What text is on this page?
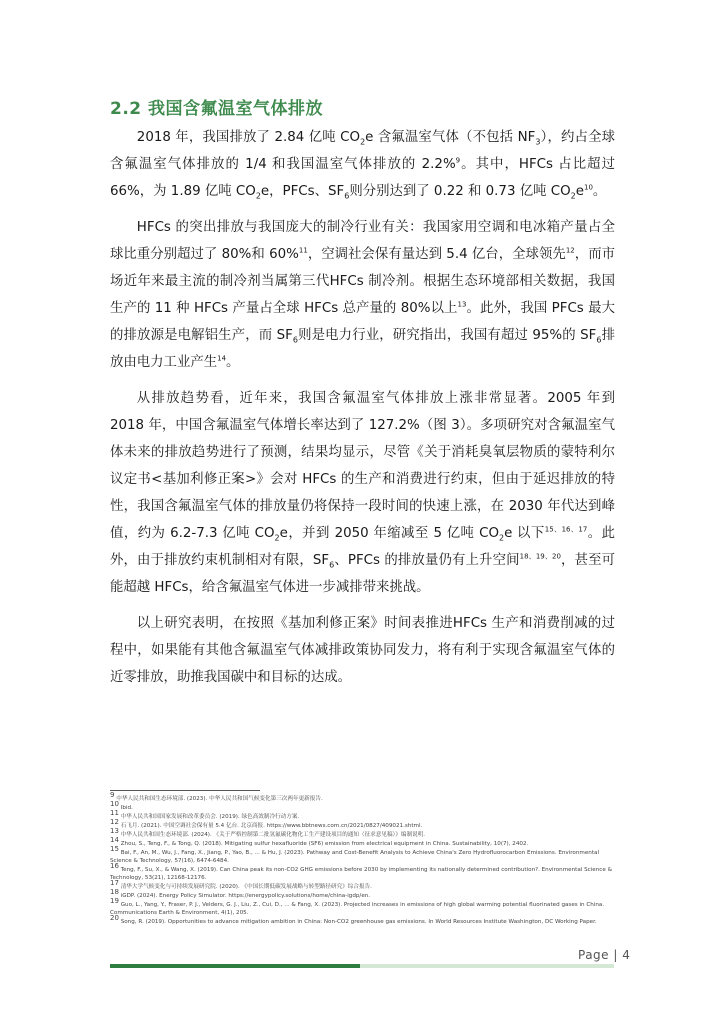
2.2 我国含氟温室气体排放

2018 年，我国排放了 2.84 亿吨 $CO_2e$ 含氟温室气体（不包括 $NF_3$），约占全球含氟温室气体排放的 1/4 和我国温室气体排放的 2.2%$^9$。其中，HFCs 占比超过 66%，为 1.89 亿吨 $CO_2e$，PFCs、$SF_6$则分别达到了 0.22 和 0.73 亿吨 $CO_2e^{10}$。

HFCs 的突出排放与我国庞大的制冷行业有关：我国家用空调和电冰箱产量占全球比重分别超过了 80%和 60%$^{11}$，空调社会保有量达到 5.4 亿台，全球领先$^{12}$，而市场近年来最主流的制冷剂当属第三代HFCs 制冷剂。根据生态环境部相关数据，我国生产的 11 种 HFCs 产量占全球 HFCs 总产量的 80%以上$^{13}$。此外，我国 PFCs 最大的排放源是电解铝生产，而 $SF_6$则是电力行业，研究指出，我国有超过 95%的 $SF_6$排放由电力工业产生$^{14}$。

从排放趋势看，近年来，我国含氟温室气体排放上涨非常显著。2005 年到 2018 年，中国含氟温室气体增长率达到了 127.2%（图 3）。多项研究对含氟温室气体未来的排放趋势进行了预测，结果均显示，尽管《关于消耗臭氧层物质的蒙特利尔议定书<基加利修正案>》会对 HFCs 的生产和消费进行约束，但由于延迟排放的特性，我国含氟温室气体的排放量仍将保持一段时间的快速上涨，在 2030 年代达到峰值，约为 6.2-7.3 亿吨 $CO_2e$，并到 2050 年缩减至 5 亿吨 $CO_2e$ 以下$^{15、16、17}$。此外，由于排放约束机制相对有限，$SF_6$、PFCs 的排放量仍有上升空间$^{18、19、20}$，甚至可能超越 HFCs，给含氟温室气体进一步减排带来挑战。

以上研究表明，在按照《基加利修正案》时间表推进HFCs 生产和消费削减的过程中，如果能有其他含氟温室气体减排政策协同发力，将有利于实现含氟温室气体的近零排放，助推我国碳中和目标的达成。

$^9$ 中华人民共和国生态环境部. (2023). 中华人民共和国气候变化第三次两年更新报告.
$^{10}$ Ibid.
$^{11}$ 中华人民共和国国家发展和改革委员会. (2019). 绿色高效制冷行动方案.
$^{12}$ 石飞月. (2021). 中国空调社会保有量 5.4 亿台. 北京商报. https://www.bbtnews.com.cn/2021/0827/409021.shtml.
$^{13}$ 中华人民共和国生态环境部. (2024). 《关于严格控制第二批氢氟碳化物化工生产建设项目的通知（征求意见稿）》编制说明.
$^{14}$ Zhou, S., Teng, F., & Tong, Q. (2018). Mitigating sulfur hexafluoride (SF6) emission from electrical equipment in China. Sustainability, 10(7), 2402.
$^{15}$ Bai, F., An, M., Wu, J., Fang, X., Jiang, P., Yao, B., ... & Hu, J. (2023). Pathway and Cost-Benefit Analysis to Achieve China's Zero Hydrofluorocarbon Emissions. Environmental Science & Technology, 57(16), 6474-6484.
$^{16}$ Teng, F., Su, X., & Wang, X. (2019). Can China peak its non-CO2 GHG emissions before 2030 by implementing its nationally determined contribution?. Environmental Science & Technology, 53(21), 12168-12176.
$^{17}$ 清华大学气候变化与可持续发展研究院. (2020). 《中国长期低碳发展战略与转型路径研究》综合报告.
$^{18}$ iGDP. (2024). Energy Policy Simulator. https://energypolicy.solutions/home/china-igdp/en.
$^{19}$ Guo, L., Yang, Y., Fraser, P. J., Velders, G. J., Liu, Z., Cui, D., ... & Fang, X. (2023). Projected increases in emissions of high global warming potential fluorinated gases in China. Communications Earth & Environment, 4(1), 205.
$^{20}$ Song, R. (2019). Opportunities to advance mitigation ambition in China: Non-CO2 greenhouse gas emissions. In World Resources Institute Washington, DC Working Paper.

Page | 4
